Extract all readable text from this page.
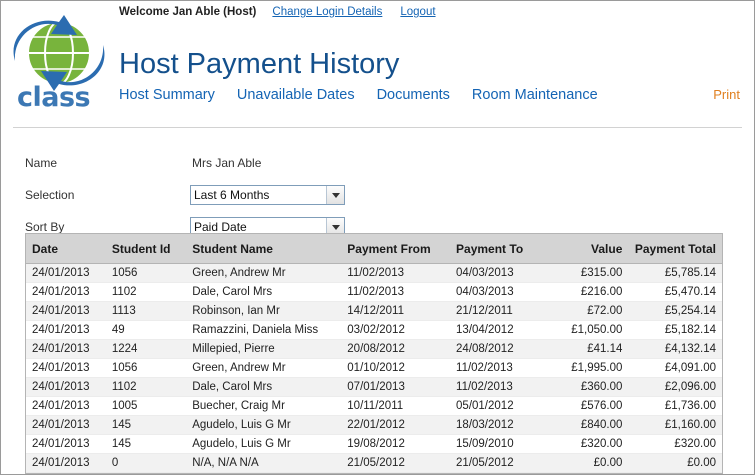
Welcome Jan Able (Host) Change Login Details Logout
class
Host Payment History
Host Summary Unavailable Dates Documents Room Maintenance	Print
Name	Mrs Jan Able
Selection
Last 6 Months
Sort By
Paid Date
Date	Student Id	Student Name	Payment From	Payment To	Value	Payment Total
24/01/2013	1056	Green, Andrew Mr	11/02/2013	04/03/2013	£315.00	£5,785.14
24/01/2013	1102	Dale, Carol Mrs	11/02/2013	04/03/2013	£216.00	£5,470.14
24/01/2013	1113	Robinson, Ian Mr	14/12/2011	21/12/2011	£72.00	£5,254.14
24/01/2013	49	Ramazzini, Daniela Miss	03/02/2012	13/04/2012	£1,050.00	£5,182.14
24/01/2013	1224	Millepied, Pierre	20/08/2012	24/08/2012	£41.14	£4,132.14
24/01/2013	1056	Green, Andrew Mr	01/10/2012	11/02/2013	£1,995.00	£4,091.00
24/01/2013	1102	Dale, Carol Mrs	07/01/2013	11/02/2013	£360.00	£2,096.00
24/01/2013	1005	Buecher, Craig Mr	10/11/2011	05/01/2012	£576.00	£1,736.00
24/01/2013	145	Agudelo, Luis G Mr	22/01/2012	18/03/2012	£840.00	£1,160.00
24/01/2013	145	Agudelo, Luis G Mr	19/08/2012	15/09/2010	£320.00	£320.00
24/01/2013	0	N/A, N/A N/A	21/05/2012	21/05/2012	£0.00	£0.00
